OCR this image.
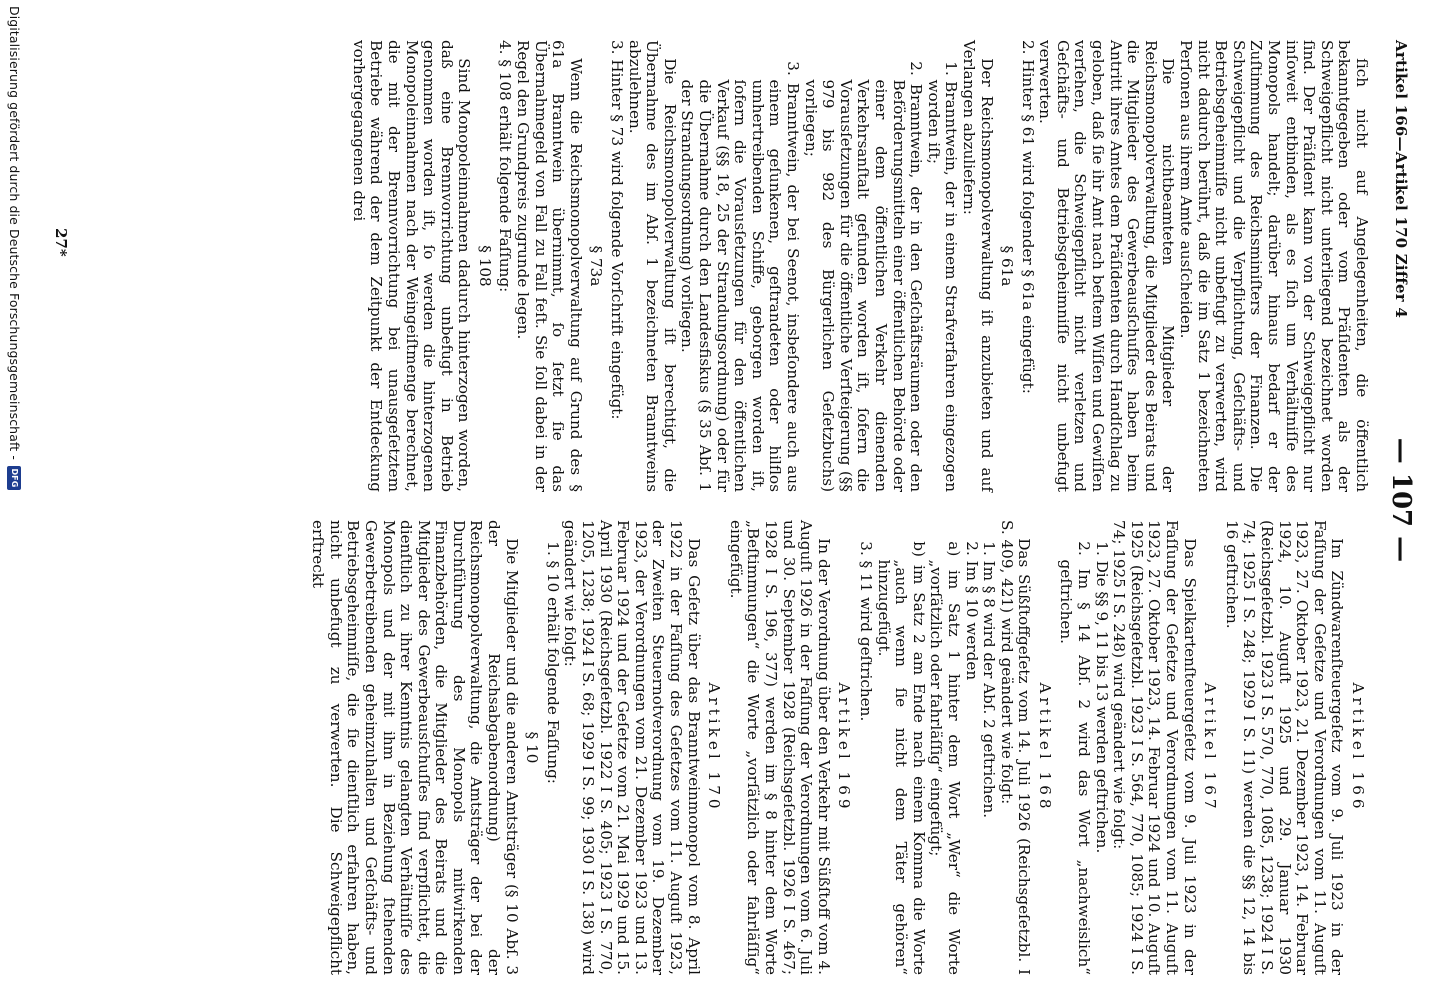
Artikel 166—Artikel 170 Ziffer 4
— 107 —

ſich nicht auf Angelegenheiten, die öffentlich bekanntgegeben oder vom Präſidenten als der Schweigepflicht nicht unterliegend bezeichnet worden ſind. Der Präſident kann von der Schweigepflicht nur inſoweit entbinden, als es ſich um Verhältniſſe des Monopols handelt; darüber hinaus bedarf er der Zuſtimmung des Reichsminiſters der Finanzen. Die Schweigepflicht und die Verpflichtung, Geſchäfts- und Betriebsgeheimniſſe nicht unbefugt zu verwerten, wird nicht dadurch berührt, daß die im Satz 1 bezeichneten Perſonen aus ihrem Amte ausſcheiden.

Die nichtbeamteten Mitglieder der Reichsmonopolverwaltung, die Mitglieder des Beirats und die Mitglieder des Gewerbeausſchuſſes haben beim Antritt ihres Amtes dem Präſidenten durch Handſchlag zu geloben, daß ſie ihr Amt nach beſtem Wiſſen und Gewiſſen verſehen, die Schweigepflicht nicht verletzen und Geſchäfts- und Betriebsgeheimniſſe nicht unbefugt verwerten.

2. Hinter § 61 wird folgender § 61a eingefügt:

§ 61a

Der Reichsmonopolverwaltung iſt anzubieten und auf Verlangen abzuliefern:

1. Branntwein, der in einem Strafverfahren eingezogen worden iſt;

2. Branntwein, der in den Geſchäftsräumen oder den Beförderungsmitteln einer öffentlichen Behörde oder einer dem öffentlichen Verkehr dienenden Verkehrsanſtalt gefunden worden iſt, ſofern die Vorausſetzungen für die öffentliche Verſteigerung (§§ 979 bis 982 des Bürgerlichen Geſetzbuchs) vorliegen;

3. Branntwein, der bei Seenot, insbeſondere auch aus einem geſunkenen, geſtrandeten oder hilflos umhertreibenden Schiffe, geborgen worden iſt, ſofern die Vorausſetzungen für den öffentlichen Verkauf (§§ 18, 25 der Strandungsordnung) oder für die Übernahme durch den Landesfiskus (§ 35 Abſ. 1 der Strandungsordnung) vorliegen.

Die Reichsmonopolverwaltung iſt berechtigt, die Übernahme des im Abſ. 1 bezeichneten Branntweins abzulehnen.

3. Hinter § 73 wird folgende Vorſchrift eingefügt:

§ 73a

Wenn die Reichsmonopolverwaltung auf Grund des § 61a Branntwein übernimmt, ſo ſetzt ſie das Übernahmegeld von Fall zu Fall feſt. Sie ſoll dabei in der Regel den Grundpreis zugrunde legen.

4. § 108 erhält folgende Faſſung:

§ 108

Sind Monopoleinnahmen dadurch hinterzogen worden, daß eine Brennvorrichtung unbefugt in Betrieb genommen worden iſt, ſo werden die hinterzogenen Monopoleinnahmen nach der Weingeiſtmenge berechnet, die mit der Brennvorrichtung bei unausgeſetztem Betriebe während der dem Zeitpunkt der Entdeckung vorhergegangenen drei

Artikel 166

Im Zündwarenſteuergeſetz vom 9. Juli 1923 in der Faſſung der Geſetze und Verordnungen vom 11. Auguſt 1923, 27. Oktober 1923, 21. Dezember 1923, 14. Februar 1924, 10. Auguſt 1925 und 29. Januar 1930 (Reichsgeſetzbl. 1923 I S. 570, 770, 1085, 1238; 1924 I S. 74; 1925 I S. 248; 1929 I S. 11) werden die §§ 12, 14 bis 16 geſtrichen.

Artikel 167

Das Spielkartenſteuergeſetz vom 9. Juli 1923 in der Faſſung der Geſetze und Verordnungen vom 11. Auguſt 1923, 27. Oktober 1923, 14. Februar 1924 und 10. Auguſt 1925 (Reichsgeſetzbl. 1923 I S. 564, 770, 1085; 1924 I S. 74; 1925 I S. 248) wird geändert wie folgt:

1. Die §§ 9, 11 bis 13 werden geſtrichen.

2. Im § 14 Abſ. 2 wird das Wort „nachweislich“ geſtrichen.

Artikel 168

Das Süßſtoffgeſetz vom 14. Juli 1926 (Reichsgeſetzbl. I S. 409, 421) wird geändert wie folgt:

1. Im § 8 wird der Abſ. 2 geſtrichen.

2. Im § 10 werden

a) im Satz 1 hinter dem Wort „Wer“ die Worte „vorſätzlich oder fahrläſſig“ eingefügt;

b) im Satz 2 am Ende nach einem Komma die Worte „auch wenn ſie nicht dem Täter gehören“ hinzugefügt.

3. § 11 wird geſtrichen.

Artikel 169

In der Verordnung über den Verkehr mit Süßſtoff vom 4. Auguſt 1926 in der Faſſung der Verordnungen vom 6. Juli und 30. September 1928 (Reichsgeſetzbl. 1926 I S. 467; 1928 I S. 196, 377) werden im § 8 hinter dem Worte „Beſtimmungen“ die Worte „vorſätzlich oder fahrläſſig“ eingefügt.

Artikel 170

Das Geſetz über das Branntweinmonopol vom 8. April 1922 in der Faſſung des Geſetzes vom 11. Auguſt 1923, der Zweiten Steuernotverordnung vom 19. Dezember 1923, der Verordnungen vom 21. Dezember 1923 und 13. Februar 1924 und der Geſetze vom 21. Mai 1929 und 15. April 1930 (Reichsgeſetzbl. 1922 I S. 405; 1923 I S. 770, 1205, 1238; 1924 I S. 68; 1929 I S. 99; 1930 I S. 138) wird geändert wie folgt:

1. § 10 erhält folgende Faſſung:

§ 10

Die Mitglieder und die anderen Amtsträger (§ 10 Abſ. 3 der Reichsabgabenordnung) der Reichsmonopolverwaltung, die Amtsträger der bei der Durchführung des Monopols mitwirkenden Finanzbehörden, die Mitglieder des Beirats und die Mitglieder des Gewerbeausſchuſſes ſind verpflichtet, die dienſtlich zu ihrer Kenntnis gelangten Verhältniſſe des Monopols und der mit ihm in Beziehung ſtehenden Gewerbetreibenden geheimzuhalten und Geſchäfts- und Betriebsgeheimniſſe, die ſie dienſtlich erfahren haben, nicht unbefugt zu verwerten. Die Schweigepflicht erſtreckt

27*
Digitalisierung gefördert durch die Deutsche Forschungsgemeinschaft -
DFG
